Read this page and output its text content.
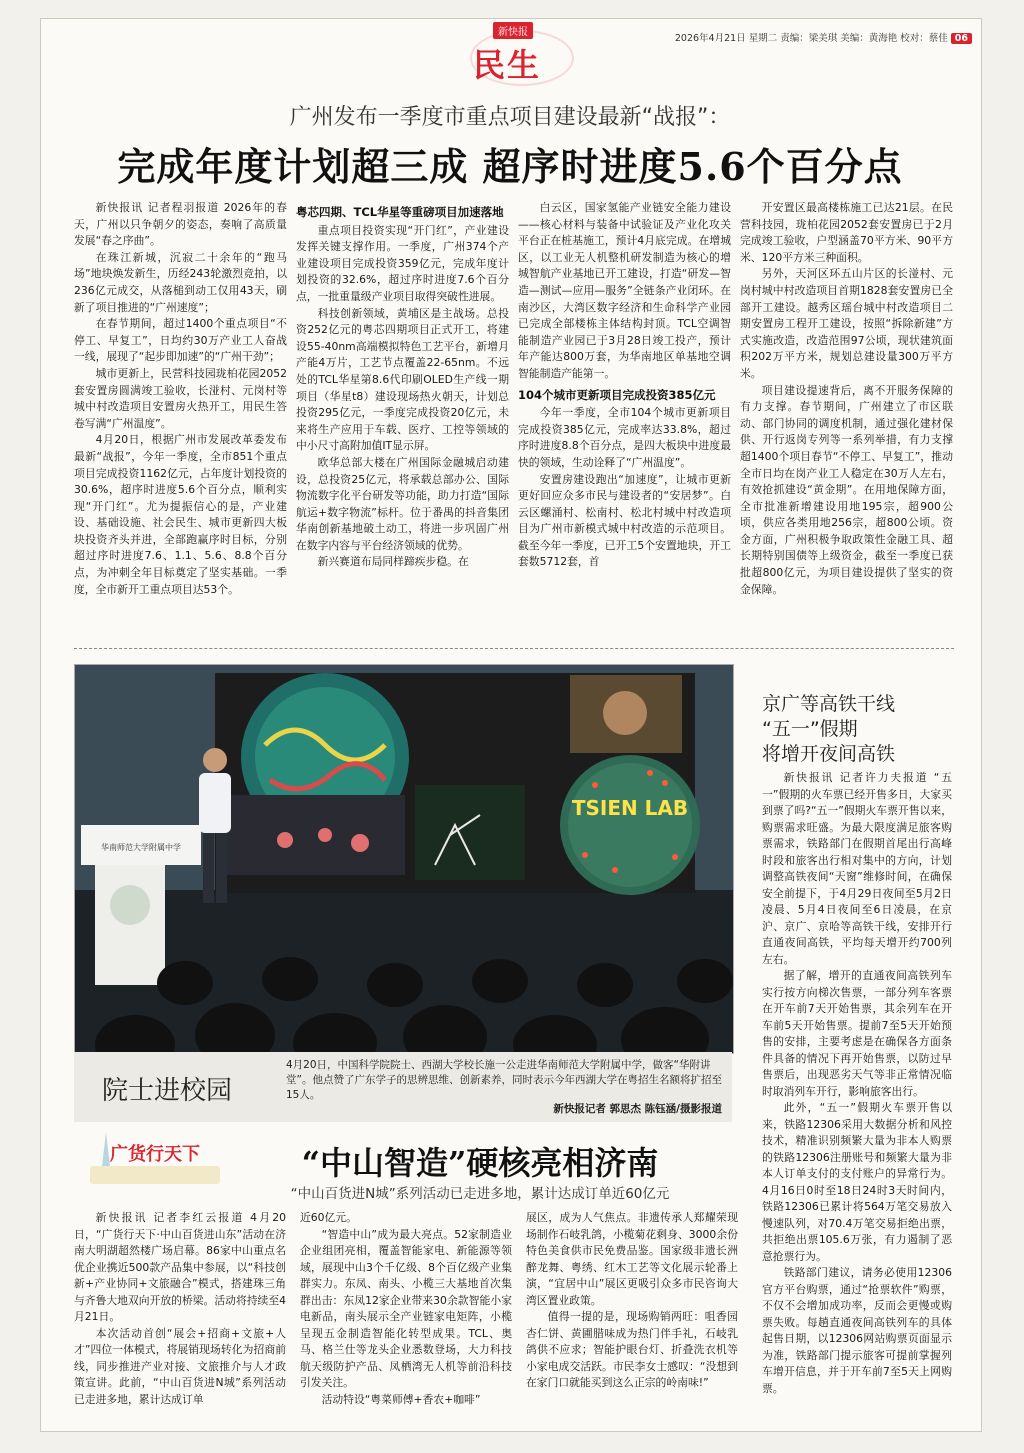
新快报
民生
2026年4月21日 星期二 责编：梁美琪 美编：黄海艳 校对：蔡佳 06
广州发布一季度市重点项目建设最新“战报”：
完成年度计划超三成 超序时进度5.6个百分点

新快报讯 记者程羽报道 2026年的春天，广州以只争朝夕的姿态，奏响了高质量发展“春之序曲”。

在珠江新城，沉寂二十余年的“跑马场”地块焕发新生，历经243轮激烈竞拍，以236亿元成交，从落槌到动工仅用43天，刷新了项目推进的“广州速度”；

在春节期间，超过1400个重点项目“不停工、早复工”，日均约30万产业工人奋战一线，展现了“起步即加速”的“广州干劲”；

城市更新上，民营科技园珑柏花园2052套安置房圆满竣工验收，长湴村、元岗村等城中村改造项目安置房火热开工，用民生答卷写满“广州温度”。

4月20日，根据广州市发展改革委发布最新“战报”，今年一季度，全市851个重点项目完成投资1162亿元，占年度计划投资的30.6%，超序时进度5.6个百分点，顺利实现“开门红”。尤为提振信心的是，产业建设、基础设施、社会民生、城市更新四大板块投资齐头并进，全部跑赢序时目标，分别超过序时进度7.6、1.1、5.6、8.8个百分点，为冲刺全年目标奠定了坚实基础。一季度，全市新开工重点项目达53个。

粤芯四期、TCL华星等重磅项目加速落地

重点项目投资实现“开门红”，产业建设发挥关键支撑作用。一季度，广州374个产业建设项目完成投资359亿元，完成年度计划投资的32.6%，超过序时进度7.6个百分点，一批重量级产业项目取得突破性进展。

科技创新领域，黄埔区是主战场。总投资252亿元的粤芯四期项目正式开工，将建设55-40nm高端模拟特色工艺平台，新增月产能4万片，工艺节点覆盖22-65nm。不远处的TCL华星第8.6代印刷OLED生产线一期项目（华星t8）建设现场热火朝天，计划总投资295亿元，一季度完成投资20亿元，未来将生产应用于车载、医疗、工控等领域的中小尺寸高附加值IT显示屏。

欧华总部大楼在广州国际金融城启动建设，总投资25亿元，将承载总部办公、国际物流数字化平台研发等功能，助力打造“国际航运+数字物流”标杆。位于番禺的抖音集团华南创新基地破土动工，将进一步巩固广州在数字内容与平台经济领域的优势。

新兴赛道布局同样蹄疾步稳。在

白云区，国家氢能产业链安全能力建设——核心材料与装备中试验证及产业化攻关平台正在桩基施工，预计4月底完成。在增城区，以工业无人机整机研发制造为核心的增城智航产业基地已开工建设，打造“研发—智造—测试—应用—服务”全链条产业闭环。在南沙区，大湾区数字经济和生命科学产业园已完成全部楼栋主体结构封顶。TCL空调智能制造产业园已于3月28日竣工投产，预计年产能达800万套，为华南地区单基地空调智能制造产能第一。

104个城市更新项目完成投资385亿元

今年一季度，全市104个城市更新项目完成投资385亿元，完成率达33.8%，超过序时进度8.8个百分点，是四大板块中进度最快的领域，生动诠释了“广州温度”。

安置房建设跑出“加速度”，让城市更新更好回应众多市民与建设者的“安居梦”。白云区螺涌村、松南村、松北村城中村改造项目为广州市新模式城中村改造的示范项目。截至今年一季度，已开工5个安置地块，开工套数5712套，首

开安置区最高楼栋施工已达21层。在民营科技园，珑柏花园2052套安置房已于2月完成竣工验收，户型涵盖70平方米、90平方米、120平方米三种面积。

另外，天河区环五山片区的长湴村、元岗村城中村改造项目首期1828套安置房已全部开工建设。越秀区瑶台城中村改造项目二期安置房工程开工建设，按照“拆除新建”方式实施改造，改造范围97公顷，现状建筑面积202万平方米，规划总建设量300万平方米。

项目建设提速背后，离不开服务保障的有力支撑。春节期间，广州建立了市区联动、部门协同的调度机制，通过强化建材保供、开行返岗专列等一系列举措，有力支撑超1400个项目春节“不停工、早复工”，推动全市日均在岗产业工人稳定在30万人左右，有效抢抓建设“黄金期”。在用地保障方面，全市批准新增建设用地195宗，超900公顷，供应各类用地256宗，超800公顷。资金方面，广州积极争取政策性金融工具、超长期特别国债等上级资金，截至一季度已获批超800亿元，为项目建设提供了坚实的资金保障。

TSIEN LAB
华南师范大学附属中学
院士进校园
4月20日，中国科学院院士、西湖大学校长施一公走进华南师范大学附属中学，做客“华附讲堂”。他点赞了广东学子的思辨思维、创新素养，同时表示今年西湖大学在粤招生名额将扩招至15人。
新快报记者 郭思杰 陈钰涵/摄影报道
京广等高铁干线
“五一”假期
将增开夜间高铁

新快报讯 记者许力夫报道 “五一”假期的火车票已经开售多日，大家买到票了吗?“五一”假期火车票开售以来，购票需求旺盛。为最大限度满足旅客购票需求，铁路部门在假期首尾出行高峰时段和旅客出行相对集中的方向，计划调整高铁夜间“天窗”维修时间，在确保安全前提下，于4月29日夜间至5月2日凌晨、5月4日夜间至6日凌晨，在京沪、京广、京哈等高铁干线，安排开行直通夜间高铁，平均每天增开约700列左右。

据了解，增开的直通夜间高铁列车实行按方向梯次售票，一部分列车客票在开车前7天开始售票，其余列车在开车前5天开始售票。提前7至5天开始预售的安排，主要考虑是在确保各方面条件具备的情况下再开始售票，以防过早售票后，出现恶劣天气等非正常情况临时取消列车开行，影响旅客出行。

此外，“五一”假期火车票开售以来，铁路12306采用大数据分析和风控技术，精准识别频繁大量为非本人购票的铁路12306注册账号和频繁大量为非本人订单支付的支付账户的异常行为。4月16日0时至18日24时3天时间内，铁路12306已累计将564万笔交易放入慢速队列，对70.4万笔交易拒绝出票，共拒绝出票105.6万张，有力遏制了恶意抢票行为。

铁路部门建议，请务必使用12306官方平台购票，通过“抢票软件”购票，不仅不会增加成功率，反而会更慢或购票失败。每趟直通夜间高铁列车的具体起售日期，以12306网站购票页面显示为准，铁路部门提示旅客可提前掌握列车增开信息，并于开车前7至5天上网购票。

广货行天下	“中山智造”硬核亮相济南
“中山百货进N城”系列活动已走进多地，累计达成订单近60亿元

新快报讯 记者李红云报道 4月20日，“广货行天下·中山百货进山东”活动在济南大明湖超然楼广场启幕。86家中山重点名优企业携近500款产品集中参展，以“科技创新+产业协同+文旅融合”模式，搭建珠三角与齐鲁大地双向开放的桥梁。活动将持续至4月21日。

本次活动首创“展会+招商+文旅+人才”四位一体模式，将展销现场转化为招商前线，同步推进产业对接、文旅推介与人才政策宣讲。此前，“中山百货进N城”系列活动已走进多地，累计达成订单

近60亿元。

“智造中山”成为最大亮点。52家制造业企业组团亮相，覆盖智能家电、新能源等领域，展现中山3个千亿级、8个百亿级产业集群实力。东凤、南头、小榄三大基地首次集群出击：东凤12家企业带来30余款智能小家电新品，南头展示全产业链家电矩阵，小榄呈现五金制造智能化转型成果。TCL、奥马、格兰仕等龙头企业悉数登场，大力科技航天级防护产品、凤栖湾无人机等前沿科技引发关注。

活动特设“粤菜师傅+香农+咖啡”

展区，成为人气焦点。非遗传承人郑耀荣现场制作石岐乳鸽，小榄菊花剩身、3000余份特色美食供市民免费品鉴。国家级非遗长洲醉龙舞、粤绣、红木工艺等文化展示轮番上演，“宜居中山”展区更吸引众多市民咨询大湾区置业政策。

值得一提的是，现场购销两旺：咀香园杏仁饼、黄圃腊味成为热门伴手礼，石岐乳鸽供不应求；智能护眼台灯、折叠洗衣机等小家电成交活跃。市民李女士感叹：“没想到在家门口就能买到这么正宗的岭南味!”
